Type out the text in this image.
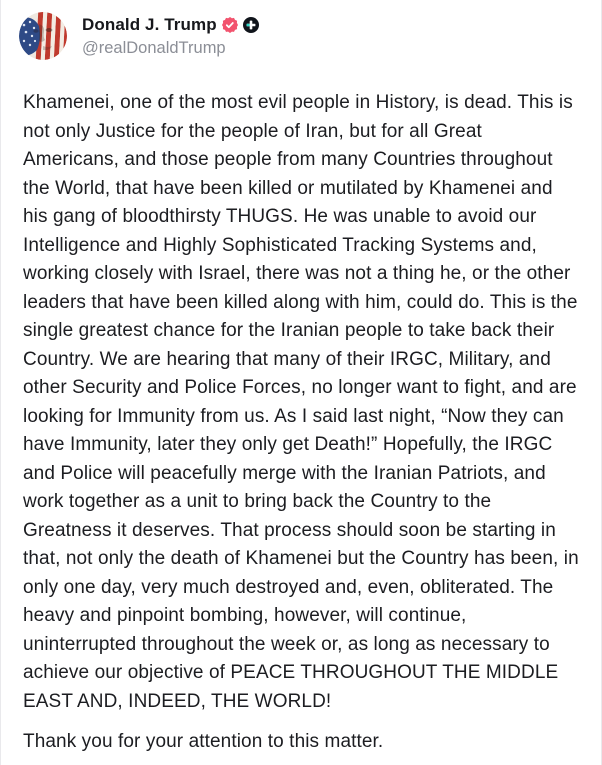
Donald J. Trump
@realDonaldTrump

Khamenei, one of the most evil people in History, is dead. This is not only Justice for the people of Iran, but for all Great Americans, and those people from many Countries throughout the World, that have been killed or mutilated by Khamenei and his gang of bloodthirsty THUGS. He was unable to avoid our Intelligence and Highly Sophisticated Tracking Systems and, working closely with Israel, there was not a thing he, or the other leaders that have been killed along with him, could do. This is the single greatest chance for the Iranian people to take back their Country. We are hearing that many of their IRGC, Military, and other Security and Police Forces, no longer want to fight, and are looking for Immunity from us. As I said last night, “Now they can have Immunity, later they only get Death!” Hopefully, the IRGC and Police will peacefully merge with the Iranian Patriots, and work together as a unit to bring back the Country to the Greatness it deserves. That process should soon be starting in that, not only the death of Khamenei but the Country has been, in only one day, very much destroyed and, even, obliterated. The heavy and pinpoint bombing, however, will continue, uninterrupted throughout the week or, as long as necessary to achieve our objective of PEACE THROUGHOUT THE MIDDLE EAST AND, INDEED, THE WORLD!

Thank you for your attention to this matter.
